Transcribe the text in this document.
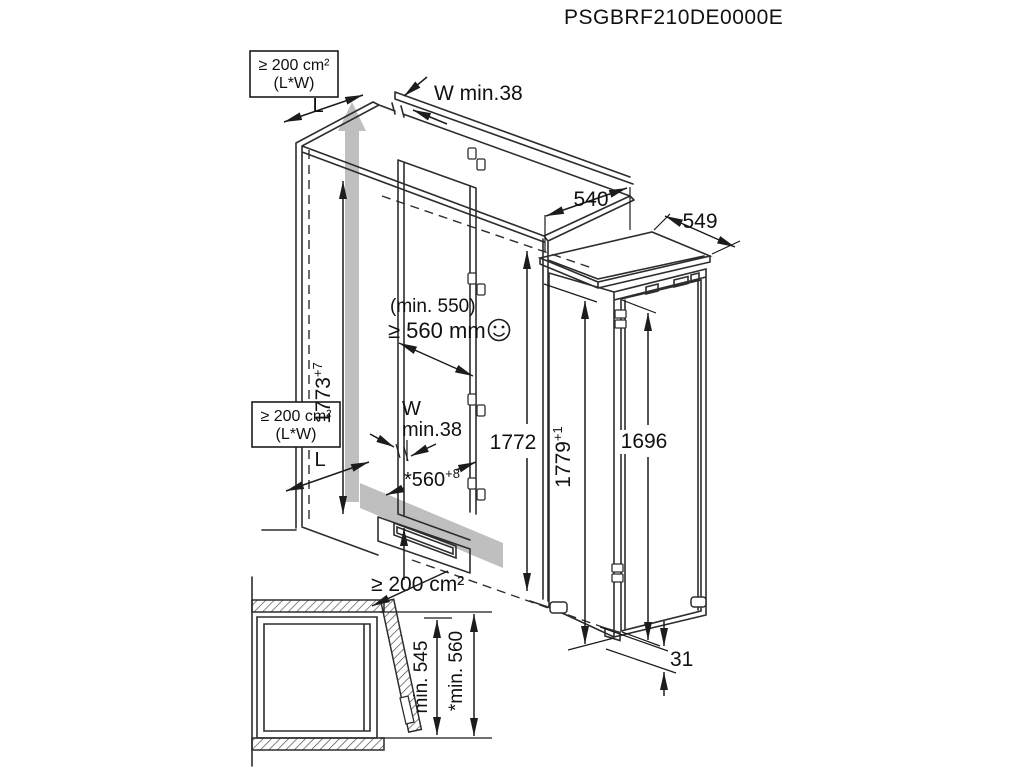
≥ 200 cm²
(L*W)
≥ 200 cm²
(L*W)
L
W min.38
(min. 550)
≥ 560 mm
$1773^{+7}$
W
min.38
L
$*560^{+8}$
1772
≥ 200 cm²
540
549
$1779^{+1}$	1696
31
min. 545 *min. 560
PSGBRF210DE0000E
